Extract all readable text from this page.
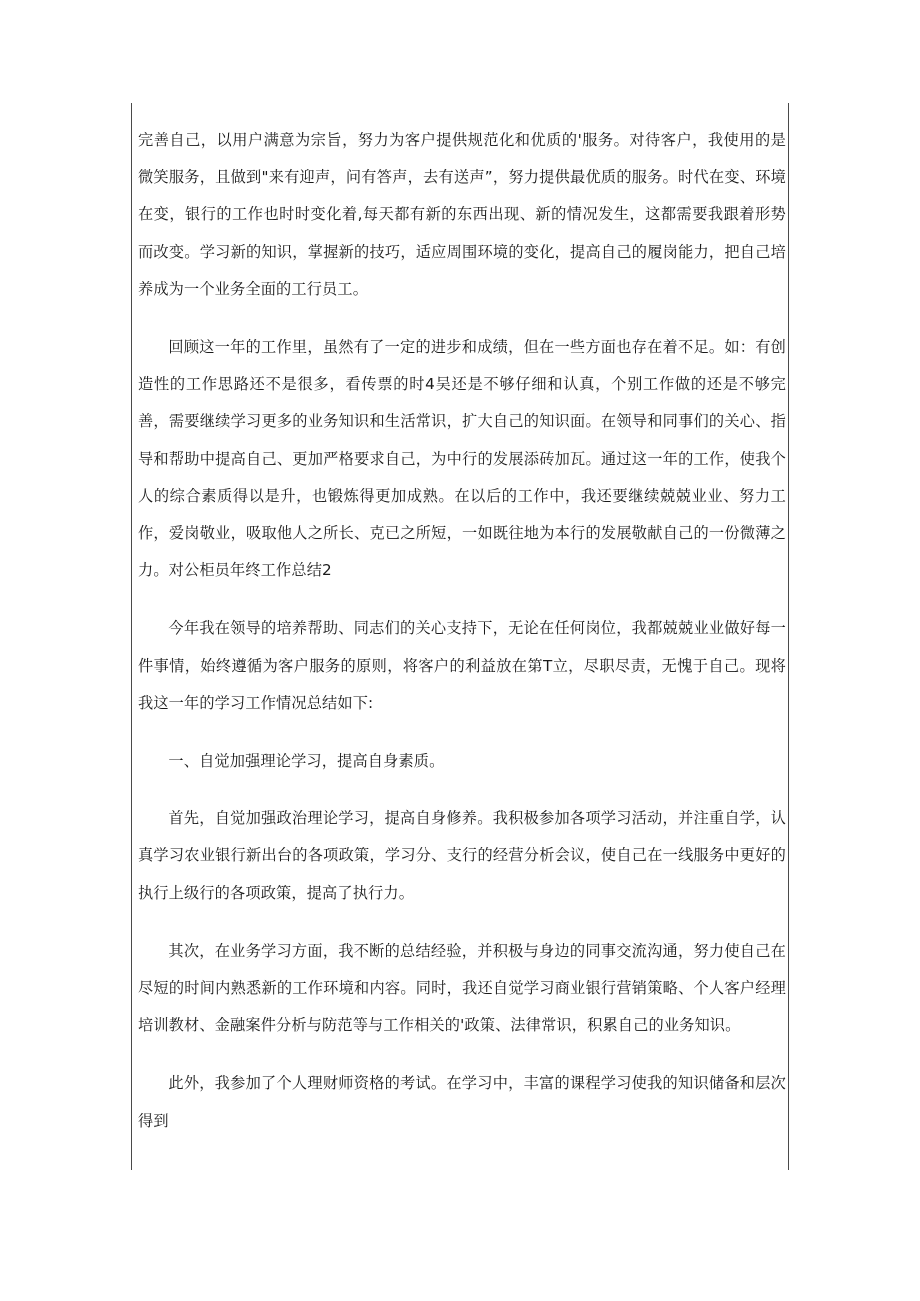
完善自己，以用户满意为宗旨，努力为客户提供规范化和优质的'服务。对待客户，我使用的是微笑服务，且做到"来有迎声，问有答声，去有送声”，努力提供最优质的服务。时代在变、环境在变，银行的工作也时时变化着,每天都有新的东西出现、新的情况发生，这都需要我跟着形势而改变。学习新的知识，掌握新的技巧，适应周围环境的变化，提高自己的履岗能力，把自己培养成为一个业务全面的工行员工。

回顾这一年的工作里，虽然有了一定的进步和成绩，但在一些方面也存在着不足。如：有创造性的工作思路还不是很多，看传票的时4吴还是不够仔细和认真，个别工作做的还是不够完善，需要继续学习更多的业务知识和生活常识，扩大自己的知识面。在领导和同事们的关心、指导和帮助中提高自己、更加严格要求自己，为中行的发展添砖加瓦。通过这一年的工作，使我个人的综合素质得以是升，也锻炼得更加成熟。在以后的工作中，我还要继续兢兢业业、努力工作，爱岗敬业，吸取他人之所长、克已之所短，一如既往地为本行的发展敬献自己的一份微薄之力。对公柜员年终工作总结2

今年我在领导的培养帮助、同志们的关心支持下，无论在任何岗位，我都兢兢业业做好每一件事情，始终遵循为客户服务的原则，将客户的利益放在第T立，尽职尽责，无愧于自己。现将我这一年的学习工作情况总结如下:

一、自觉加强理论学习，提高自身素质。

首先，自觉加强政治理论学习，提高自身修养。我积极参加各项学习活动，并注重自学，认真学习农业银行新出台的各项政策，学习分、支行的经营分析会议，使自己在一线服务中更好的执行上级行的各项政策，提高了执行力。

其次，在业务学习方面，我不断的总结经验，并积极与身边的同事交流沟通，努力使自己在尽短的时间内熟悉新的工作环境和内容。同时，我还自觉学习商业银行营销策略、个人客户经理培训教材、金融案件分析与防范等与工作相关的'政策、法律常识，积累自己的业务知识。

此外，我参加了个人理财师资格的考试。在学习中，丰富的课程学习使我的知识储备和层次得到
